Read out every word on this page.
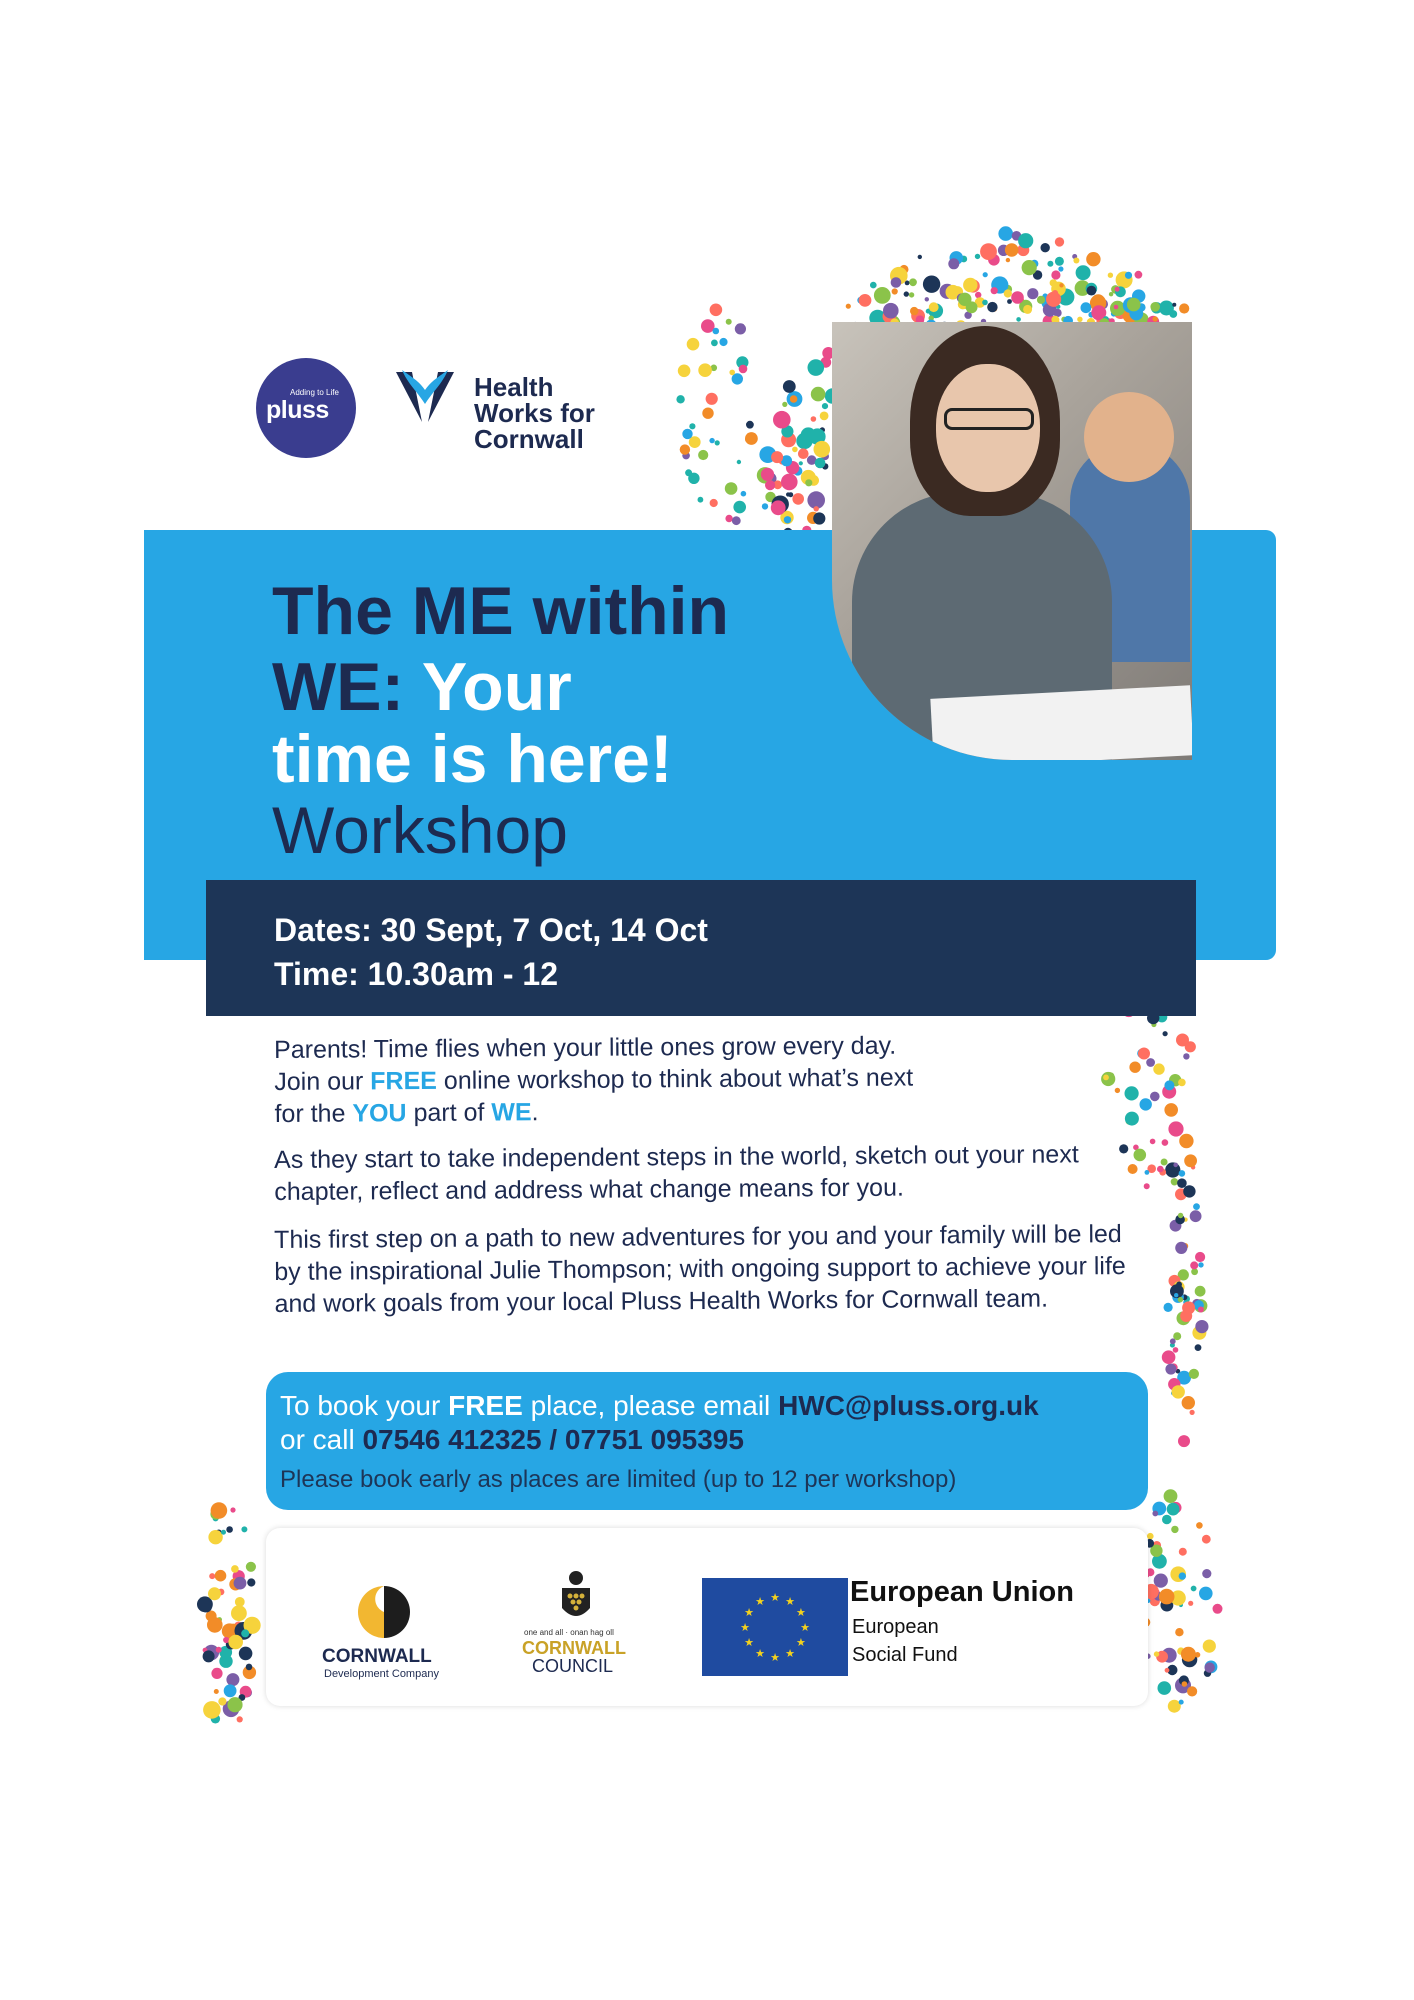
Adding to Life
pluss
Health
Works for
Cornwall
The ME within
WE: Your
time is here!
Workshop
Dates: 30 Sept, 7 Oct, 14 Oct
Time: 10.30am - 12
Parents! Time flies when your little ones grow every day.
Join our FREE online workshop to think about what’s next
for the YOU part of WE.
As they start to take independent steps in the world, sketch out your next chapter, reflect and address what change means for you.
This first step on a path to new adventures for you and your family will be led by the inspirational Julie Thompson; with ongoing support to achieve your life and work goals from your local Pluss Health Works for Cornwall team.
To book your FREE place, please email HWC@pluss.org.uk
or call 07546 412325 / 07751 095395
Please book early as places are limited (up to 12 per workshop)
CORNWALL
Development Company
one and all · onan hag oll
CORNWALL
COUNCIL
★
★
★
★
★
★
★
★
★ ★ ★
★
European Union
European
Social Fund
